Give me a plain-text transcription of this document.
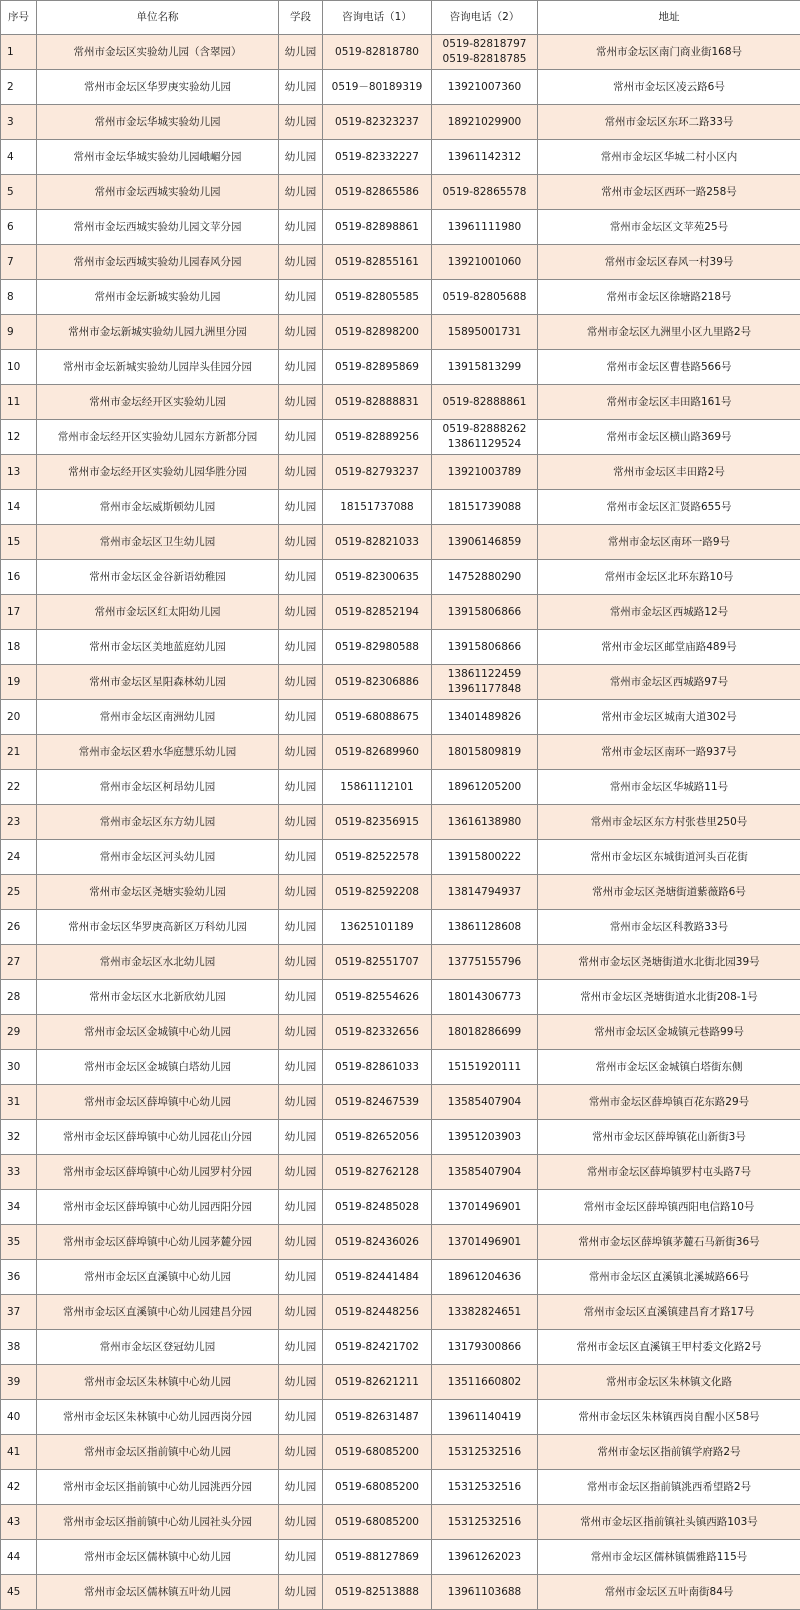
序号	单位名称	学段	咨询电话（1）	咨询电话（2）	地址
1	常州市金坛区实验幼儿园（含翠园）	幼儿园	0519-82818780	0519-82818797
0519-82818785	常州市金坛区南门商业街168号
2	常州市金坛区华罗庚实验幼儿园	幼儿园	0519－80189319	13921007360	常州市金坛区凌云路6号
3	常州市金坛华城实验幼儿园	幼儿园	0519-82323237	18921029900	常州市金坛区东环二路33号
4	常州市金坛华城实验幼儿园峨嵋分园	幼儿园	0519-82332227	13961142312	常州市金坛区华城二村小区内
5	常州市金坛西城实验幼儿园	幼儿园	0519-82865586	0519-82865578	常州市金坛区西环一路258号
6	常州市金坛西城实验幼儿园文苹分园	幼儿园	0519-82898861	13961111980	常州市金坛区文苹苑25号
7	常州市金坛西城实验幼儿园春风分园	幼儿园	0519-82855161	13921001060	常州市金坛区春风一村39号
8	常州市金坛新城实验幼儿园	幼儿园	0519-82805585	0519-82805688	常州市金坛区徐塘路218号
9	常州市金坛新城实验幼儿园九洲里分园	幼儿园	0519-82898200	15895001731	常州市金坛区九洲里小区九里路2号
10	常州市金坛新城实验幼儿园岸头佳园分园	幼儿园	0519-82895869	13915813299	常州市金坛区曹巷路566号
11	常州市金坛经开区实验幼儿园	幼儿园	0519-82888831	0519-82888861	常州市金坛区丰田路161号
12	常州市金坛经开区实验幼儿园东方新都分园	幼儿园	0519-82889256	0519-82888262
13861129524	常州市金坛区横山路369号
13	常州市金坛经开区实验幼儿园华胜分园	幼儿园	0519-82793237	13921003789	常州市金坛区丰田路2号
14	常州市金坛威斯顿幼儿园	幼儿园	18151737088	18151739088	常州市金坛区汇贤路655号
15	常州市金坛区卫生幼儿园	幼儿园	0519-82821033	13906146859	常州市金坛区南环一路9号
16	常州市金坛区金谷新语幼稚园	幼儿园	0519-82300635	14752880290	常州市金坛区北环东路10号
17	常州市金坛区红太阳幼儿园	幼儿园	0519-82852194	13915806866	常州市金坛区西城路12号
18	常州市金坛区美地蓝庭幼儿园	幼儿园	0519-82980588	13915806866	常州市金坛区邮堂庙路489号
19	常州市金坛区星阳森林幼儿园	幼儿园	0519-82306886	13861122459
13961177848	常州市金坛区西城路97号
20	常州市金坛区南洲幼儿园	幼儿园	0519-68088675	13401489826	常州市金坛区城南大道302号
21	常州市金坛区碧水华庭慧乐幼儿园	幼儿园	0519-82689960	18015809819	常州市金坛区南环一路937号
22	常州市金坛区柯昂幼儿园	幼儿园	15861112101	18961205200	常州市金坛区华城路11号
23	常州市金坛区东方幼儿园	幼儿园	0519-82356915	13616138980	常州市金坛区东方村张巷里250号
24	常州市金坛区河头幼儿园	幼儿园	0519-82522578	13915800222	常州市金坛区东城街道河头百花街
25	常州市金坛区尧塘实验幼儿园	幼儿园	0519-82592208	13814794937	常州市金坛区尧塘街道紫薇路6号
26	常州市金坛区华罗庚高新区万科幼儿园	幼儿园	13625101189	13861128608	常州市金坛区科教路33号
27	常州市金坛区水北幼儿园	幼儿园	0519-82551707	13775155796	常州市金坛区尧塘街道水北街北园39号
28	常州市金坛区水北新欣幼儿园	幼儿园	0519-82554626	18014306773	常州市金坛区尧塘街道水北街208-1号
29	常州市金坛区金城镇中心幼儿园	幼儿园	0519-82332656	18018286699	常州市金坛区金城镇元巷路99号
30	常州市金坛区金城镇白塔幼儿园	幼儿园	0519-82861033	15151920111	常州市金坛区金城镇白塔街东侧
31	常州市金坛区薛埠镇中心幼儿园	幼儿园	0519-82467539	13585407904	常州市金坛区薛埠镇百花东路29号
32	常州市金坛区薛埠镇中心幼儿园花山分园	幼儿园	0519-82652056	13951203903	常州市金坛区薛埠镇花山新街3号
33	常州市金坛区薛埠镇中心幼儿园罗村分园	幼儿园	0519-82762128	13585407904	常州市金坛区薛埠镇罗村屯头路7号
34	常州市金坛区薛埠镇中心幼儿园西阳分园	幼儿园	0519-82485028	13701496901	常州市金坛区薛埠镇西阳电信路10号
35	常州市金坛区薛埠镇中心幼儿园茅麓分园	幼儿园	0519-82436026	13701496901	常州市金坛区薛埠镇茅麓石马新街36号
36	常州市金坛区直溪镇中心幼儿园	幼儿园	0519-82441484	18961204636	常州市金坛区直溪镇北溪城路66号
37	常州市金坛区直溪镇中心幼儿园建昌分园	幼儿园	0519-82448256	13382824651	常州市金坛区直溪镇建昌育才路17号
38	常州市金坛区登冠幼儿园	幼儿园	0519-82421702	13179300866	常州市金坛区直溪镇王甲村委文化路2号
39	常州市金坛区朱林镇中心幼儿园	幼儿园	0519-82621211	13511660802	常州市金坛区朱林镇文化路
40	常州市金坛区朱林镇中心幼儿园西岗分园	幼儿园	0519-82631487	13961140419	常州市金坛区朱林镇西岗自醒小区58号
41	常州市金坛区指前镇中心幼儿园	幼儿园	0519-68085200	15312532516	常州市金坛区指前镇学府路2号
42	常州市金坛区指前镇中心幼儿园洮西分园	幼儿园	0519-68085200	15312532516	常州市金坛区指前镇洮西希望路2号
43	常州市金坛区指前镇中心幼儿园社头分园	幼儿园	0519-68085200	15312532516	常州市金坛区指前镇社头镇西路103号
44	常州市金坛区儒林镇中心幼儿园	幼儿园	0519-88127869	13961262023	常州市金坛区儒林镇儒雅路115号
45	常州市金坛区儒林镇五叶幼儿园	幼儿园	0519-82513888	13961103688	常州市金坛区五叶南街84号
